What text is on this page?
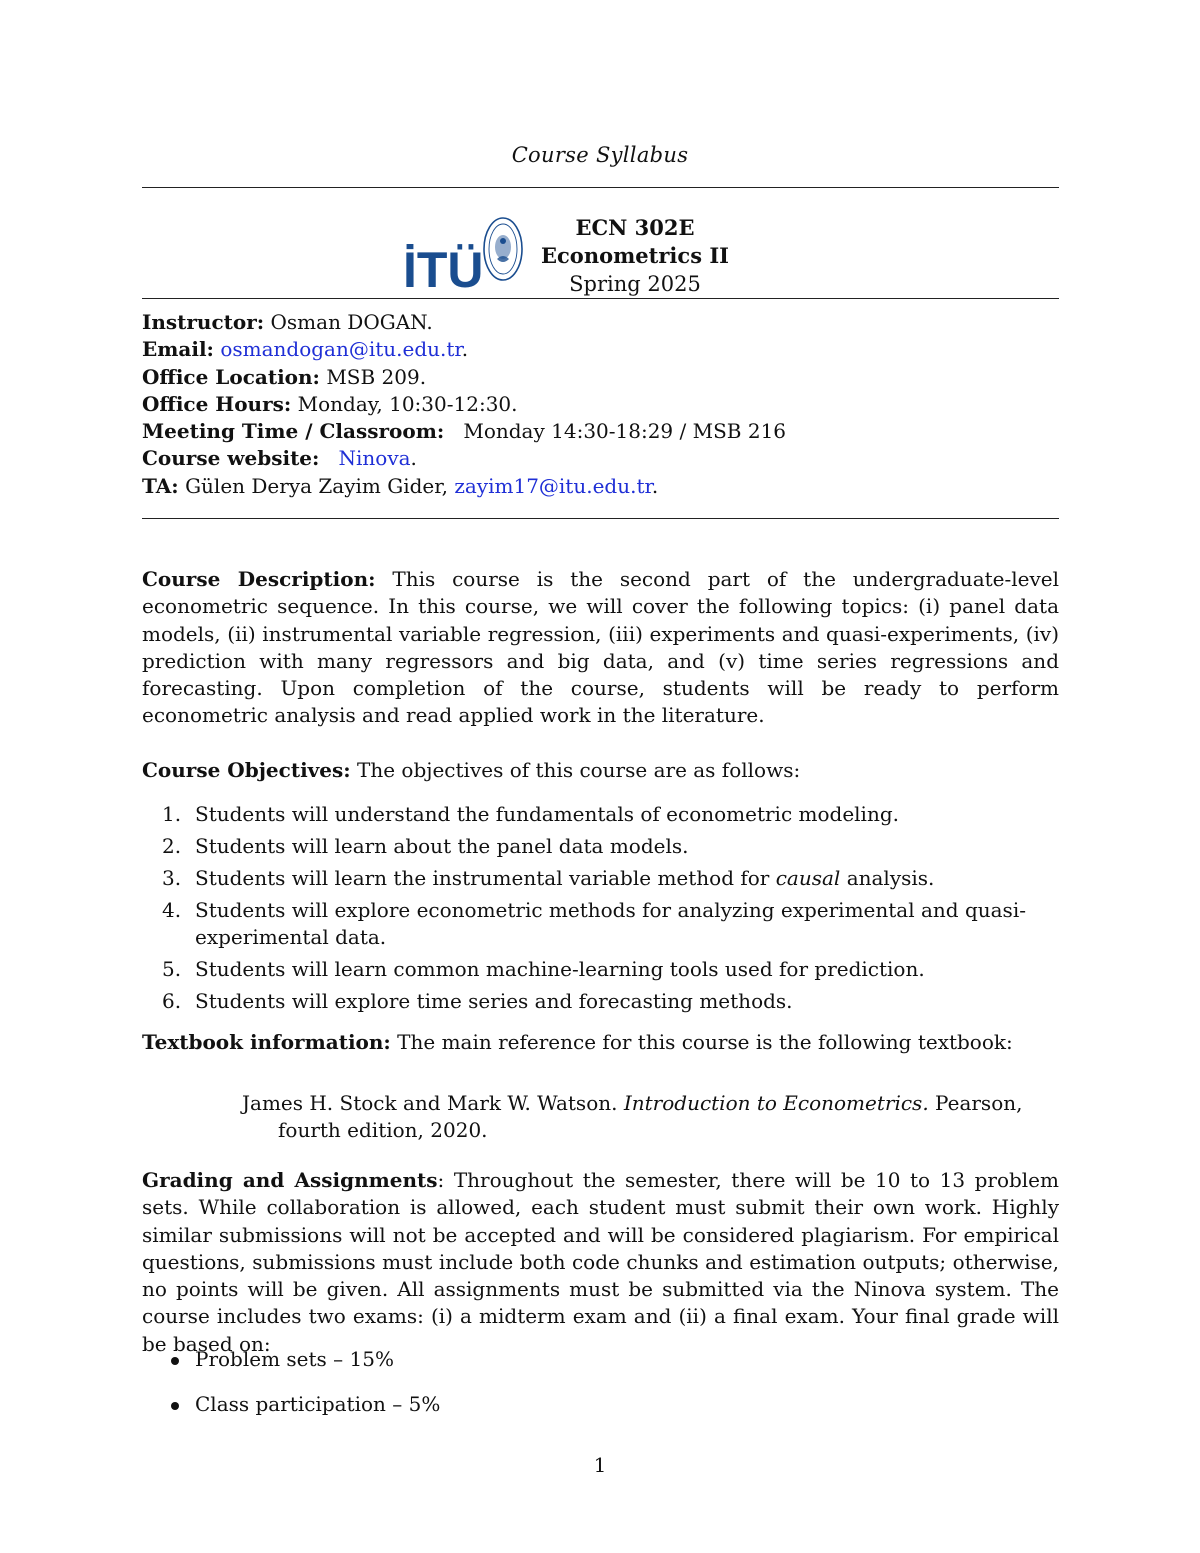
Course Syllabus
İTÜ
ECN 302E
Econometrics II
Spring 2025
Instructor: Osman DOGAN.
Email: osmandogan@itu.edu.tr.
Office Location: MSB 209.
Office Hours: Monday, 10:30-12:30.
Meeting Time / Classroom: Monday 14:30-18:29 / MSB 216
Course website: Ninova.
TA: Gülen Derya Zayim Gider, zayim17@itu.edu.tr.
Course Description: This course is the second part of the undergraduate-level econometric sequence. In this course, we will cover the following topics: (i) panel data models, (ii) instrumental variable regression, (iii) experiments and quasi-experiments, (iv) prediction with many regressors and big data, and (v) time series regressions and forecasting. Upon completion of the course, students will be ready to perform econometric analysis and read applied work in the literature.
Course Objectives: The objectives of this course are as follows:
1. Students will understand the fundamentals of econometric modeling.
2. Students will learn about the panel data models.
3. Students will learn the instrumental variable method for causal analysis.
4. Students will explore econometric methods for analyzing experimental and quasi-experimental data.
5. Students will learn common machine-learning tools used for prediction.
6. Students will explore time series and forecasting methods.
Textbook information: The main reference for this course is the following textbook:
James H. Stock and Mark W. Watson. Introduction to Econometrics. Pearson,
fourth edition, 2020.
Grading and Assignments: Throughout the semester, there will be 10 to 13 problem sets. While collaboration is allowed, each student must submit their own work. Highly similar submissions will not be accepted and will be considered plagiarism. For empirical questions, submissions must include both code chunks and estimation outputs; otherwise, no points will be given. All assignments must be submitted via the Ninova system. The course includes two exams: (i) a midterm exam and (ii) a final exam. Your final grade will be based on:
Problem sets – 15%
Class participation – 5%
1
